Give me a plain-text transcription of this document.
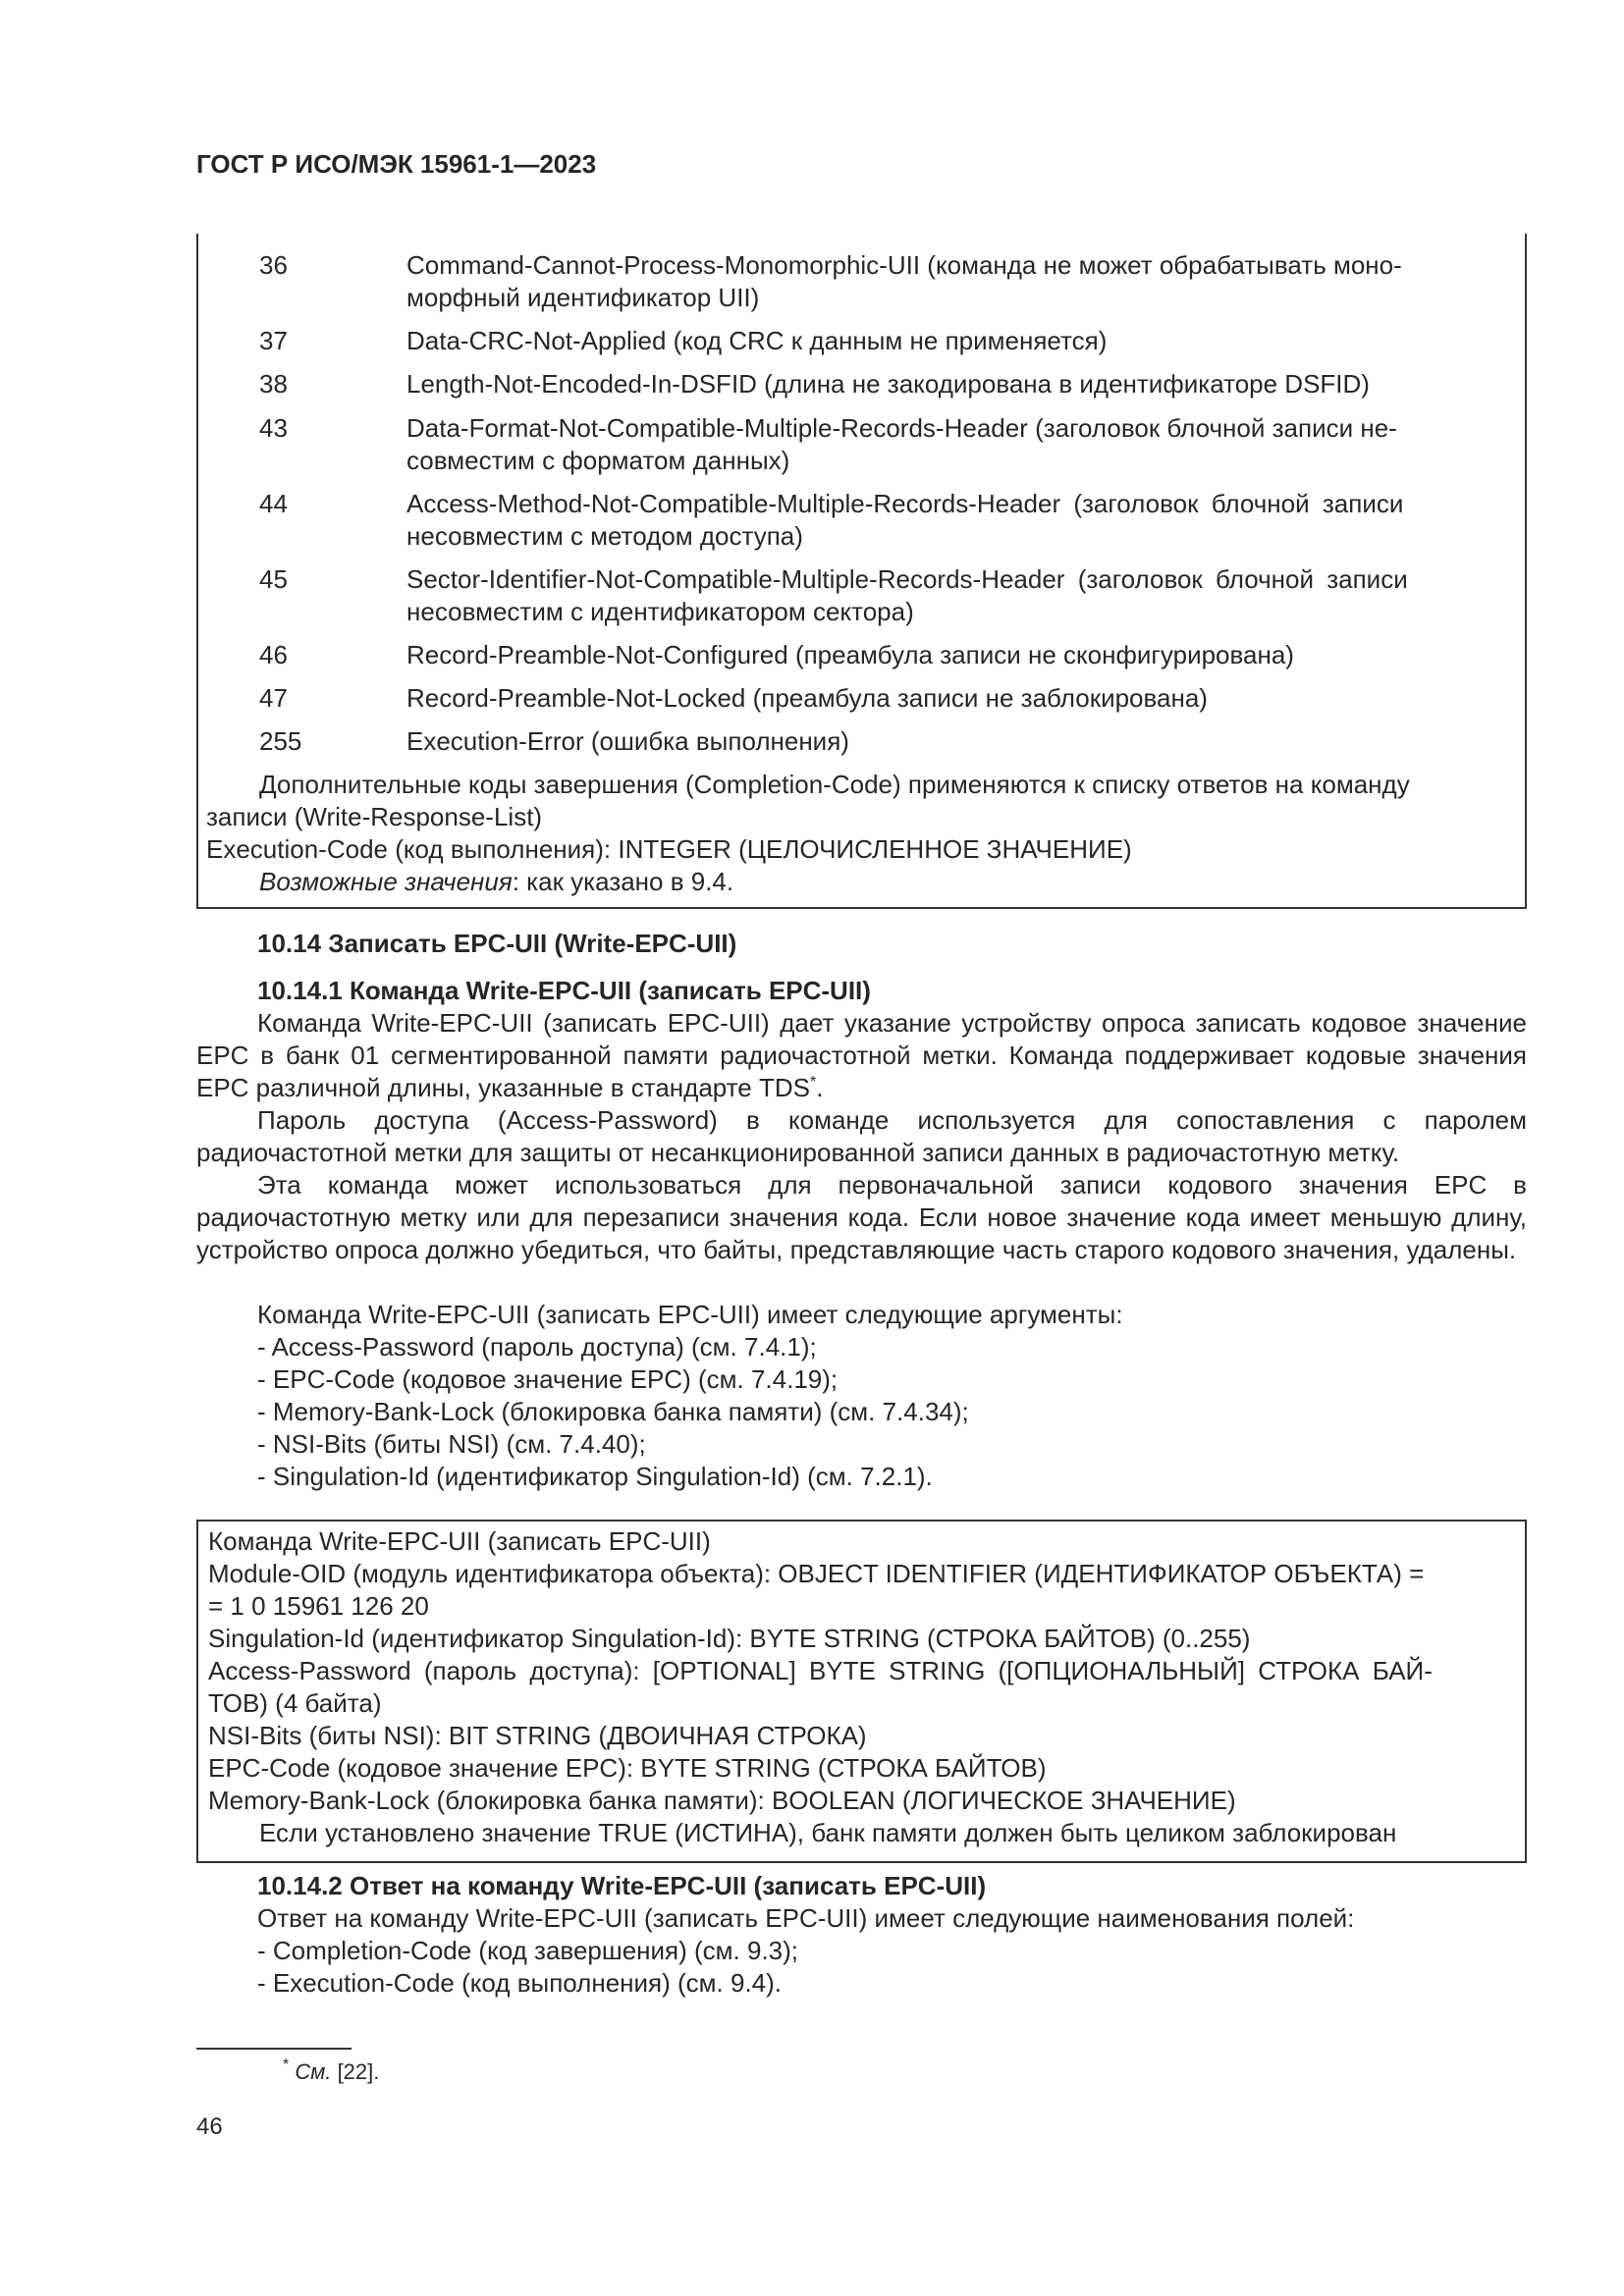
ГОСТ Р ИСО/МЭК 15961-1—2023
36	Command-Cannot-Process-Monomorphic-UII (команда не может обрабатывать моно-
морфный идентификатор UII)
37	Data-CRC-Not-Applied (код CRC к данным не применяется)
38	Length-Not-Encoded-In-DSFID (длина не закодирована в идентификаторе DSFID)
43	Data-Format-Not-Compatible-Multiple-Records-Header (заголовок блочной записи не-
совместим с форматом данных)
44	Access-Method-Not-Compatible-Multiple-Records-Header (заголовок блочной записи
несовместим с методом доступа)
45	Sector-Identifier-Not-Compatible-Multiple-Records-Header (заголовок блочной записи
несовместим с идентификатором сектора)
46	Record-Preamble-Not-Configured (преамбула записи не сконфигурирована)
47	Record-Preamble-Not-Locked (преамбула записи не заблокирована)
255	Execution-Error (ошибка выполнения)
Дополнительные коды завершения (Completion-Code) применяются к списку ответов на команду
записи (Write-Response-List)
Execution-Code (код выполнения): INTEGER (ЦЕЛОЧИСЛЕННОЕ ЗНАЧЕНИЕ)
Возможные значения: как указано в 9.4.
10.14 Записать EPC-UII (Write-EPC-UII)
10.14.1 Команда Write-EPC-UII (записать EPC-UII)
Команда Write-EPC-UII (записать EPC-UII) дает указание устройству опроса записать кодовое значение EPC в банк 01 сегментированной памяти радиочастотной метки. Команда поддерживает кодовые значения EPC различной длины, указанные в стандарте TDS*.
Пароль доступа (Access-Password) в команде используется для сопоставления с паролем радиочастотной метки для защиты от несанкционированной записи данных в радиочастотную метку.
Эта команда может использоваться для первоначальной записи кодового значения EPC в радиочастотную метку или для перезаписи значения кода. Если новое значение кода имеет меньшую длину, устройство опроса должно убедиться, что байты, представляющие часть старого кодового значения, удалены.
Команда Write-EPC-UII (записать EPC-UII) имеет следующие аргументы:
- Access-Password (пароль доступа) (см. 7.4.1);
- EPC-Code (кодовое значение EPC) (см. 7.4.19);
- Memory-Bank-Lock (блокировка банка памяти) (см. 7.4.34);
- NSI-Bits (биты NSI) (см. 7.4.40);
- Singulation-Id (идентификатор Singulation-Id) (см. 7.2.1).
Команда Write-EPC-UII (записать EPC-UII)
Module-OID (модуль идентификатора объекта): OBJECT IDENTIFIER (ИДЕНТИФИКАТОР ОБЪЕКТА) =
= 1 0 15961 126 20
Singulation-Id (идентификатор Singulation-Id): BYTE STRING (СТРОКА БАЙТОВ) (0..255)
Access-Password (пароль доступа): [OPTIONAL] BYTE STRING ([ОПЦИОНАЛЬНЫЙ] СТРОКА БАЙ-
ТОВ) (4 байта)
NSI-Bits (биты NSI): BIT STRING (ДВОИЧНАЯ СТРОКА)
EPC-Code (кодовое значение EPC): BYTE STRING (СТРОКА БАЙТОВ)
Memory-Bank-Lock (блокировка банка памяти): BOOLEAN (ЛОГИЧЕСКОЕ ЗНАЧЕНИЕ)
Если установлено значение TRUE (ИСТИНА), банк памяти должен быть целиком заблокирован
10.14.2 Ответ на команду Write-EPC-UII (записать EPC-UII)
Ответ на команду Write-EPC-UII (записать EPC-UII) имеет следующие наименования полей:
- Completion-Code (код завершения) (см. 9.3);
- Execution-Code (код выполнения) (см. 9.4).
* См. [22].
46
